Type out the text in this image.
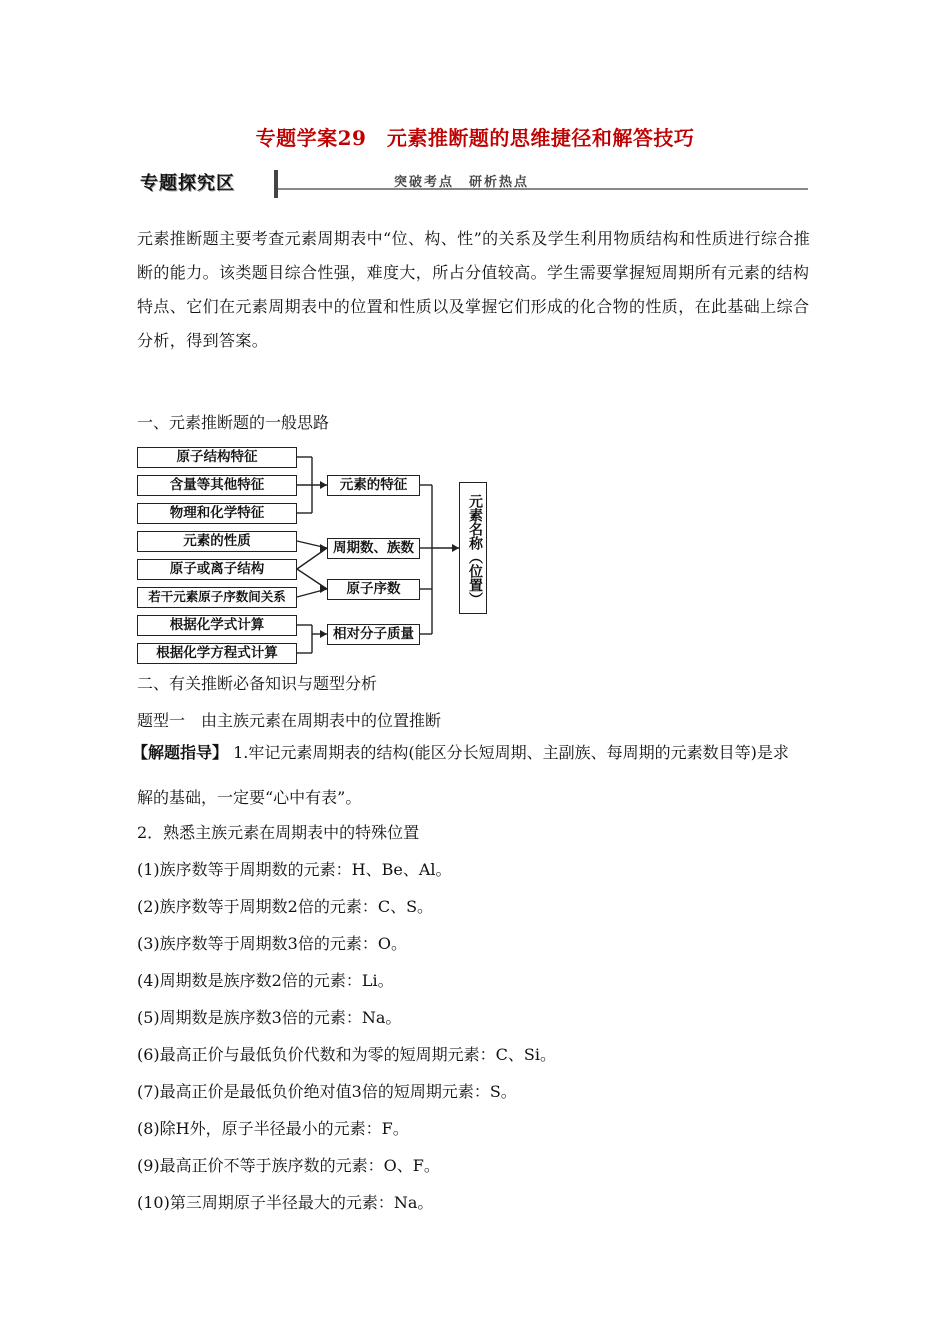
专题学案29　元素推断题的思维捷径和解答技巧
专题探究区	突破考点　研析热点
元素推断题主要考查元素周期表中“位、构、性”的关系及学生利用物质结构和性质进行综合推断的能力。该类题目综合性强，难度大，所占分值较高。学生需要掌握短周期所有元素的结构特点、它们在元素周期表中的位置和性质以及掌握它们形成的化合物的性质，在此基础上综合分析，得到答案。
一、元素推断题的一般思路
原子结构特征
含量等其他特征
物理和化学特征
元素的性质
原子或离子结构
若干元素原子序数间关系
根据化学式计算
根据化学方程式计算
元素的特征
周期数、族数
原子序数
相对分子质量
元素名称（位置）
二、有关推断必备知识与题型分析
题型一　由主族元素在周期表中的位置推断
【解题指导】 1.牢记元素周期表的结构(能区分长短周期、主副族、每周期的元素数目等)是求
解的基础，一定要“心中有表”。
2．熟悉主族元素在周期表中的特殊位置
(1)族序数等于周期数的元素：H、Be、Al。
(2)族序数等于周期数2倍的元素：C、S。
(3)族序数等于周期数3倍的元素：O。
(4)周期数是族序数2倍的元素：Li。
(5)周期数是族序数3倍的元素：Na。
(6)最高正价与最低负价代数和为零的短周期元素：C、Si。
(7)最高正价是最低负价绝对值3倍的短周期元素：S。
(8)除H外，原子半径最小的元素：F。
(9)最高正价不等于族序数的元素：O、F。
(10)第三周期原子半径最大的元素：Na。
